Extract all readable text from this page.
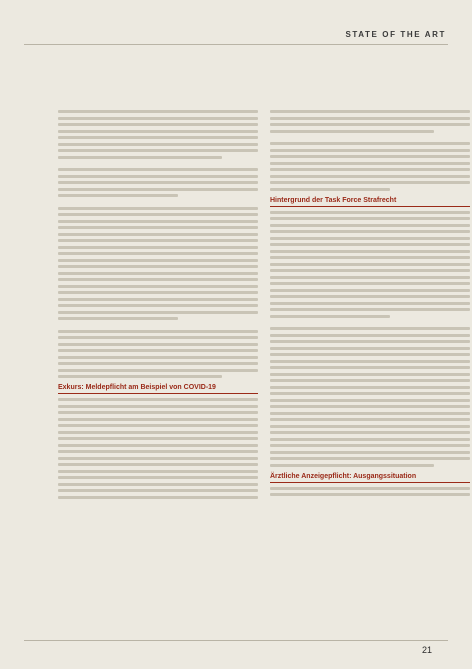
STATE OF THE ART
Exkurs: Meldepflicht am Beispiel von COVID-19
Hintergrund der Task Force Strafrecht
Ärztliche Anzeigepflicht: Ausgangssituation
21
